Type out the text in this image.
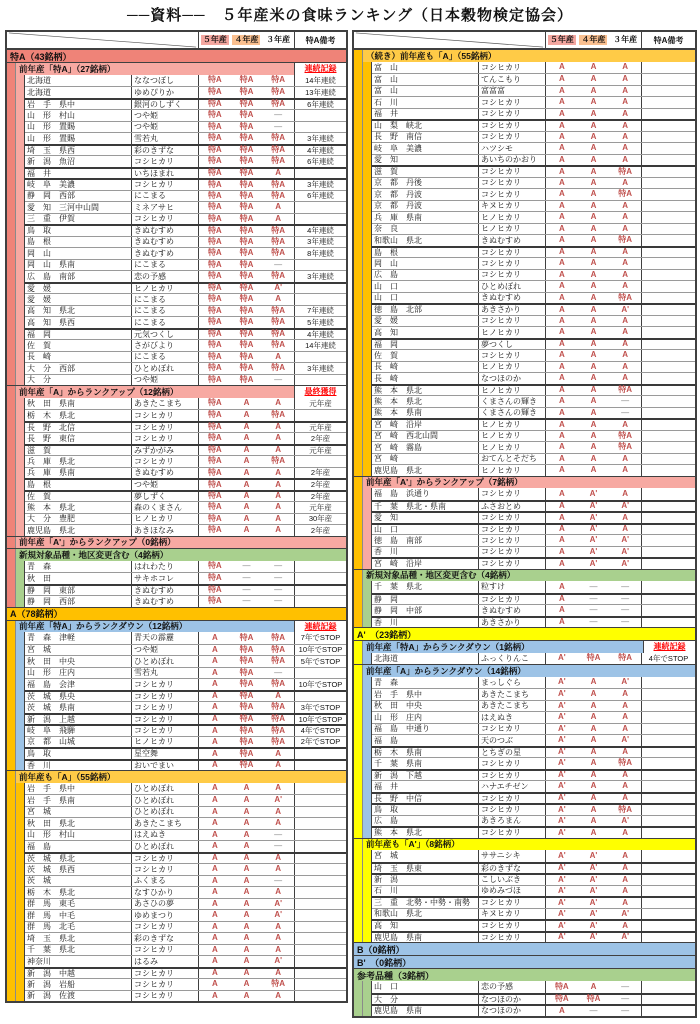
──資料──　５年産米の食味ランキング（日本穀物検定協会）
５年産 ４年産 ３年産	特A備考
特A（43銘柄）
前年産「特A」（27銘柄）	連続記録
北海道	ななつぼし	特A	特A	特A	14年連続
北海道	ゆめぴりか	特A	特A	特A	13年連続
岩　手　県中	銀河のしずく	特A	特A	特A	6年連続
山　形　村山	つや姫	特A	特A	―
山　形　置賜	つや姫	特A	特A	―
山　形　置賜	雪若丸	特A	特A	特A	3年連続
埼　玉　県西	彩のきずな	特A	特A	特A	4年連続
新　潟　魚沼	コシヒカリ	特A	特A	特A	6年連続
福　井	いちほまれ	特A	特A	A
岐　阜　美濃	コシヒカリ	特A	特A	特A	3年連続
静　岡　西部	にこまる	特A	特A	特A	6年連続
愛　知　三河中山間	ミネアサヒ	特A	特A	A
三　重　伊賀	コシヒカリ	特A	特A	A
鳥　取	きぬむすめ	特A	特A	特A	4年連続
島　根	きぬむすめ	特A	特A	特A	3年連続
岡　山	きぬむすめ	特A	特A	特A	8年連続
岡　山　県南	にこまる	特A	特A	―
広　島　南部	恋の予感	特A	特A	特A	3年連続
愛　媛	ヒノヒカリ	特A	特A	A'
愛　媛	にこまる	特A	特A	A
高　知　県北	にこまる	特A	特A	特A	7年連続
高　知　県西	にこまる	特A	特A	特A	5年連続
福　岡	元気つくし	特A	特A	特A	4年連続
佐　賀	さがびより	特A	特A	特A	14年連続
長　崎	にこまる	特A	特A	A
大　分　西部	ひとめぼれ	特A	特A	特A	3年連続
大　分	つや姫	特A	特A	―
前年産「A」からランクアップ（12銘柄）	最終獲得
秋　田　県南	あきたこまち	特A	A	A	元年産
栃　木　県北	コシヒカリ	特A	A	特A
長　野　北信	コシヒカリ	特A	A	A	元年産
長　野　東信	コシヒカリ	特A	A	A	2年産
滋　賀	みずかがみ	特A	A	A	元年産
兵　庫　県北	コシヒカリ	特A	A	特A
兵　庫　県南	きぬむすめ	特A	A	A	2年産
島　根	つや姫	特A	A	A	2年産
佐　賀	夢しずく	特A	A	A	2年産
熊　本　県北	森のくまさん	特A	A	A	元年産
大　分　豊肥	ヒノヒカリ	特A	A	A	30年産
鹿児島　県北	あきほなみ	特A	A	A	2年産
前年産「A'」からランクアップ（0銘柄）
新規対象品種・地区変更含む（4銘柄）
青　森	はれわたり	特A	―	―
秋　田	サキホコレ	特A	―	―
静　岡　東部	きぬむすめ	特A	―	―
静　岡　西部	きぬむすめ	特A	―	―
A（78銘柄）
前年産「特A」からランクダウン（12銘柄）	連続記録
青　森　津軽	青天の霹靂	A	特A	特A	7年でSTOP
宮　城	つや姫	A	特A	特A	10年でSTOP
秋　田　中央	ひとめぼれ	A	特A	特A	5年でSTOP
山　形　庄内	雪若丸	A	特A	―
福　島　会津	コシヒカリ	A	特A	特A	10年でSTOP
茨　城　県央	コシヒカリ	A	特A	A
茨　城　県南	コシヒカリ	A	特A	特A	3年でSTOP
新　潟　上越	コシヒカリ	A	特A	特A	10年でSTOP
岐　阜　飛騨	コシヒカリ	A	特A	特A	4年でSTOP
京　都　山城	ヒノヒカリ	A	特A	特A	2年でSTOP
鳥　取	星空舞	A	特A	A
香　川	おいでまい	A	特A	A
前年産も「A」（55銘柄）
岩　手　県中	ひとめぼれ	A	A	A
岩　手　県南	ひとめぼれ	A	A	A'
宮　城	ひとめぼれ	A	A	A
秋　田　県北	あきたこまち	A	A	A
山　形　村山	はえぬき	A	A	―
福　島	ひとめぼれ	A	A	―
茨　城　県北	コシヒカリ	A	A	A
茨　城　県西	コシヒカリ	A	A	A
茨　城	ふくまる	A	A	―
栃　木　県北	なすひかり	A	A	A
群　馬　東毛	あさひの夢	A	A	A'
群　馬　中毛	ゆめまつり	A	A	A'
群　馬　北毛	コシヒカリ	A	A	A
埼　玉　県北	彩のきずな	A	A	A
千　葉　県北	コシヒカリ	A	A	A
神奈川	はるみ	A	A	A'
新　潟　中越	コシヒカリ	A	A	A
新　潟　岩船	コシヒカリ	A	A	特A
新　潟　佐渡	コシヒカリ	A	A	A
５年産 ４年産 ３年産	特A備考
（続き）前年産も「A」（55銘柄）
富　山	コシヒカリ	A	A	A
富　山	てんこもり	A	A	A
富　山	富富富	A	A	A
石　川	コシヒカリ	A	A	A
福　井	コシヒカリ	A	A	A
山　梨　峡北	コシヒカリ	A	A	A
長　野　南信	コシヒカリ	A	A	A
岐　阜　美濃	ハツシモ	A	A	A
愛　知	あいちのかおり	A	A	A
滋　賀	コシヒカリ	A	A	特A
京　都　丹後	コシヒカリ	A	A	A
京　都　丹波	コシヒカリ	A	A	特A
京　都　丹波	キヌヒカリ	A	A	A
兵　庫　県南	ヒノヒカリ	A	A	A
奈　良	ヒノヒカリ	A	A	A
和歌山　県北	きぬむすめ	A	A	特A
島　根	コシヒカリ	A	A	A
岡　山	コシヒカリ	A	A	A
広　島	コシヒカリ	A	A	A
山　口	ひとめぼれ	A	A	A
山　口	きぬむすめ	A	A	特A
徳　島　北部	あきさかり	A	A	A'
愛　媛	コシヒカリ	A	A	A
高　知	ヒノヒカリ	A	A	A
福　岡	夢つくし	A	A	A
佐　賀	コシヒカリ	A	A	A
長　崎	ヒノヒカリ	A	A	A
長　崎	なつほのか	A	A	A
熊　本　県北	ヒノヒカリ	A	A	特A
熊　本　県北	くまさんの輝き	A	A	―
熊　本　県南	くまさんの輝き	A	A	―
宮　崎　沿岸	ヒノヒカリ	A	A	A
宮　崎　西北山間	ヒノヒカリ	A	A	特A
宮　崎　霧島	ヒノヒカリ	A	A	特A
宮　崎	おてんとそだち	A	A	A
鹿児島　県北	ヒノヒカリ	A	A	A
前年産「A'」からランクアップ（7銘柄）
福　島　浜通り	コシヒカリ	A	A'	A
千　葉　県北・県南	ふさおとめ	A	A'	A'
愛　知	コシヒカリ	A	A'	A
山　口	コシヒカリ	A	A'	A
徳　島　南部	コシヒカリ	A	A'	A'
香　川	コシヒカリ	A	A'	A'
宮　崎　沿岸	コシヒカリ	A	A'	A'
新規対象品種・地区変更含む（4銘柄）
千　葉　県北	粒すけ	A	―	―
静　岡	コシヒカリ	A	―	―
静　岡　中部	きぬむすめ	A	―	―
香　川	あきさかり	A	―	―
A'　（23銘柄）
前年産「特A」からランクダウン（1銘柄）	連続記録
北海道	ふっくりんこ	A'	特A	特A	4年でSTOP
前年産「A」からランクダウン（14銘柄）
青　森	まっしぐら	A'	A	A'
岩　手　県中	あきたこまち	A'	A	A
秋　田　中央	あきたこまち	A'	A	A
山　形　庄内	はえぬき	A'	A	A
福　島　中通り	コシヒカリ	A'	A	A
福　島	天のつぶ	A'	A	A'
栃　木　県南	とちぎの星	A'	A	A
千　葉　県南	コシヒカリ	A'	A	特A
新　潟　下越	コシヒカリ	A'	A	A
福　井	ハナエチゼン	A'	A	A
長　野　中信	コシヒカリ	A'	A	A
鳥　取	コシヒカリ	A'	A	特A
広　島	あきろまん	A'	A	A'
熊　本　県北	コシヒカリ	A'	A	A
前年産も「A'」（8銘柄）
宮　城	ササニシキ	A'	A'	A
埼　玉　県東	彩のきずな	A'	A'	A
新　潟	こしいぶき	A'	A'	A
石　川	ゆめみづほ	A'	A'	A
三　重　北勢・中勢・南勢	コシヒカリ	A'	A'	A
和歌山　県北	キヌヒカリ	A'	A'	A'
高　知	コシヒカリ	A'	A'	A
鹿児島　県南	コシヒカリ	A'	A'	A'
B（0銘柄）
B'　（0銘柄）
参考品種（3銘柄）
山　口	恋の予感	特A	A	―
大　分	なつほのか	特A	特A	―
鹿児島　県南	なつほのか	A	―	―
